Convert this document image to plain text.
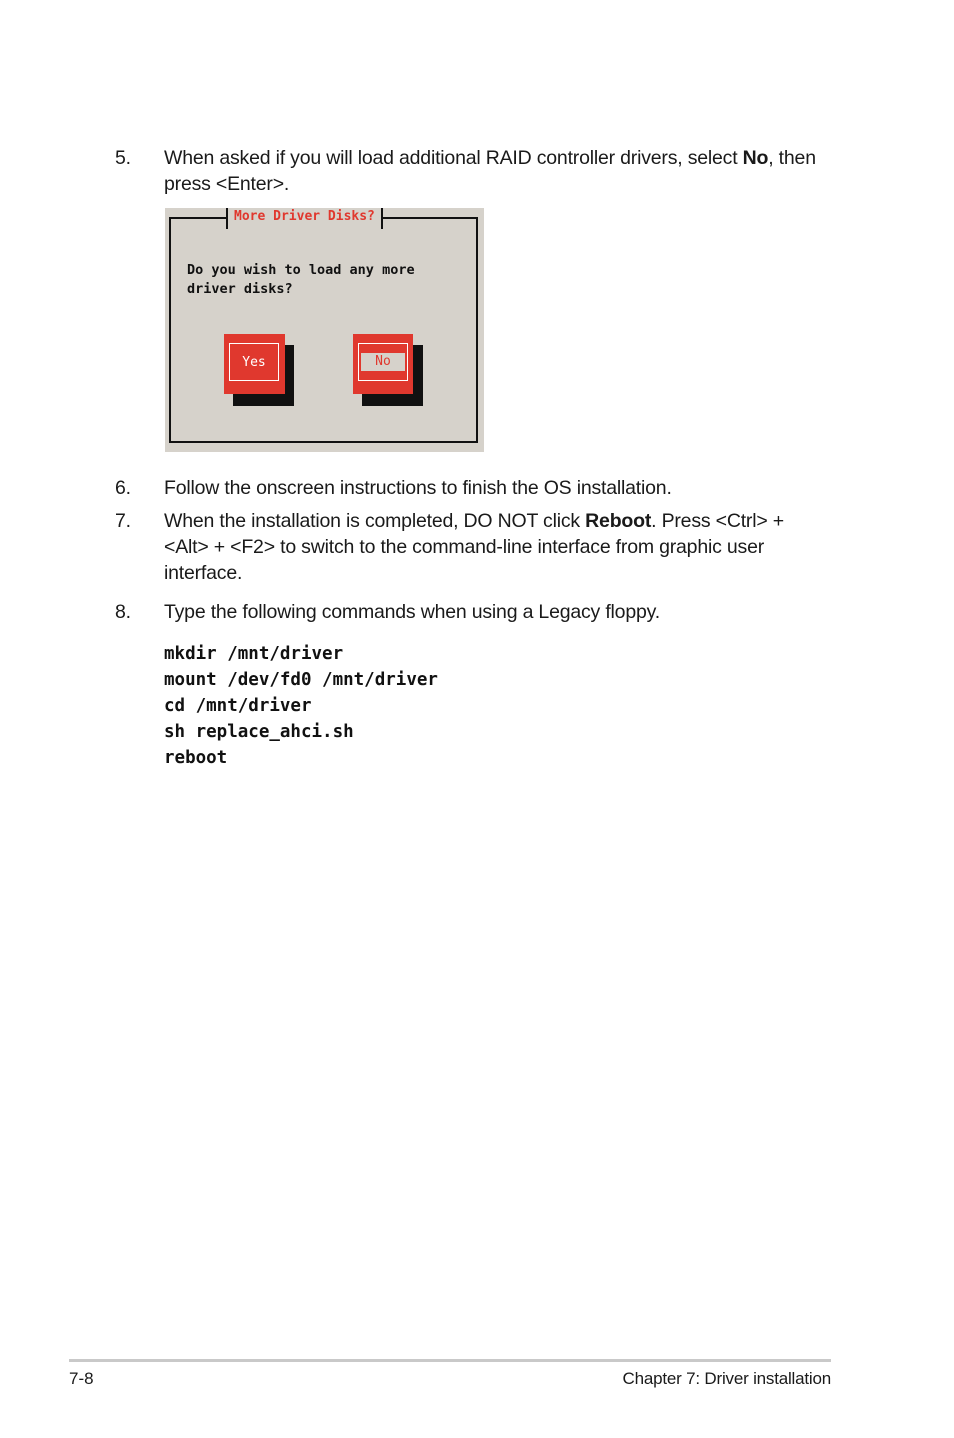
5. When asked if you will load additional RAID controller drivers, select No, then press <Enter>.
More Driver Disks?
Do you wish to load any more
driver disks?
Yes	No
6. Follow the onscreen instructions to finish the OS installation.
7. When the installation is completed, DO NOT click Reboot. Press <Ctrl> + <Alt> + <F2> to switch to the command-line interface from graphic user interface.
8. Type the following commands when using a Legacy floppy.
mkdir /mnt/driver
mount /dev/fd0 /mnt/driver
cd /mnt/driver
sh replace_ahci.sh
reboot
7-8	Chapter 7: Driver installation
